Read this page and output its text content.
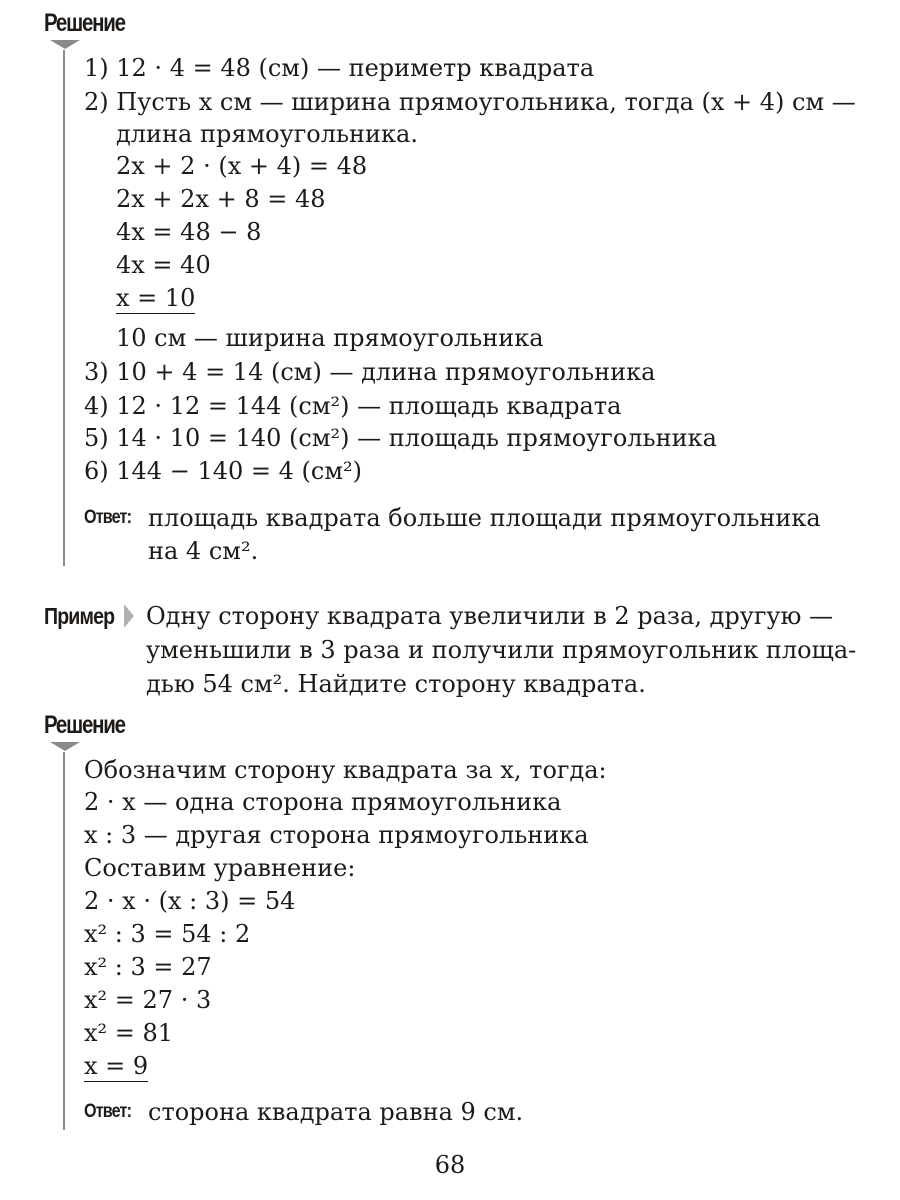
Решение
1) 12 · 4 = 48 (см) — периметр квадрата
2) Пусть x см — ширина прямоугольника, тогда (x + 4) см —
длина прямоугольника.
2x + 2 · (x + 4) = 48
2x + 2x + 8 = 48
4x = 48 − 8
4x = 40
x = 10
10 см — ширина прямоугольника
3) 10 + 4 = 14 (см) — длина прямоугольника
4) 12 · 12 = 144 (см²) — площадь квадрата
5) 14 · 10 = 140 (см²) — площадь прямоугольника
6) 144 − 140 = 4 (см²)
Ответ: площадь квадрата больше площади прямоугольника
на 4 см².
Пример Одну сторону квадрата увеличили в 2 раза, другую —
уменьшили в 3 раза и получили прямоугольник площа-
дью 54 см². Найдите сторону квадрата.
Решение
Обозначим сторону квадрата за x, тогда:
2 · x — одна сторона прямоугольника
x : 3 — другая сторона прямоугольника
Составим уравнение:
2 · x · (x : 3) = 54
x² : 3 = 54 : 2
x² : 3 = 27
x² = 27 · 3
x² = 81
x = 9
Ответ: сторона квадрата равна 9 см.
68
